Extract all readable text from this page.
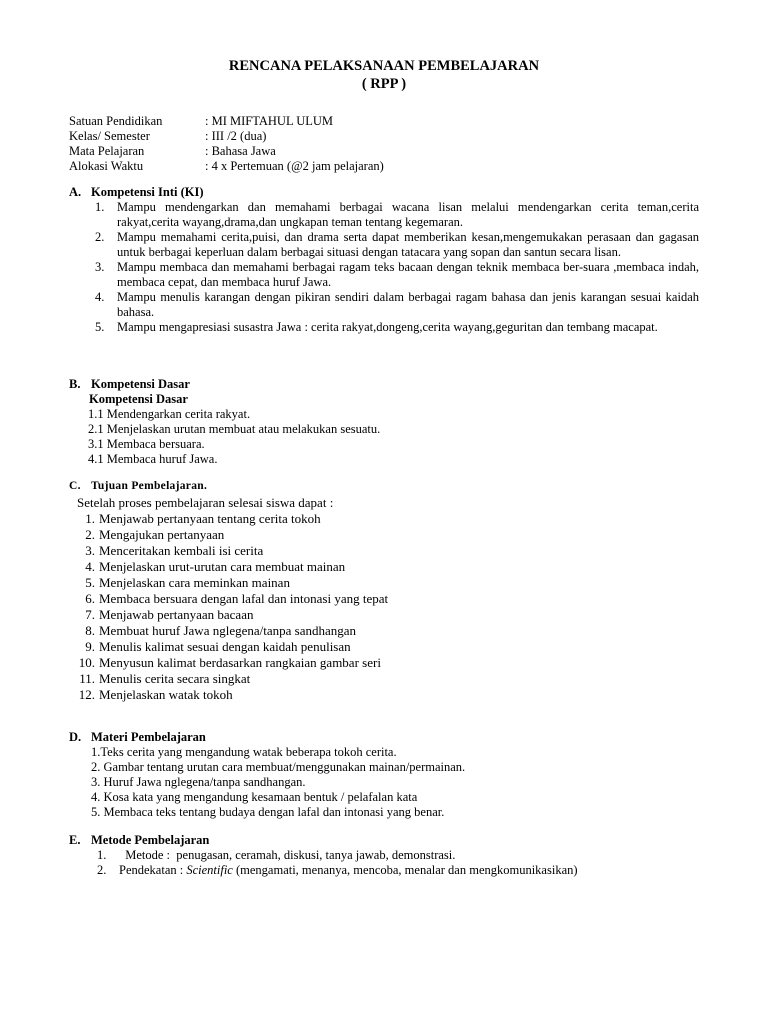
RENCANA PELAKSANAAN PEMBELAJARAN
( RPP )
Satuan Pendidikan	: MI MIFTAHUL ULUM
Kelas/ Semester	: III /2 (dua)
Mata Pelajaran	: Bahasa Jawa
Alokasi Waktu	: 4 x Pertemuan (@2 jam pelajaran)
A. Kompetensi Inti (KI)
1.	Mampu mendengarkan dan memahami berbagai wacana lisan melalui mendengarkan cerita teman,cerita rakyat,cerita wayang,drama,dan ungkapan teman tentang kegemaran.
2.	Mampu memahami cerita,puisi, dan drama serta dapat memberikan kesan,mengemukakan perasaan dan gagasan untuk berbagai keperluan dalam berbagai situasi dengan tatacara yang sopan dan santun secara lisan.
3.	Mampu membaca dan memahami berbagai ragam teks bacaan dengan teknik membaca ber-suara ,membaca indah, membaca cepat, dan membaca huruf Jawa.
4.	Mampu menulis karangan dengan pikiran sendiri dalam berbagai ragam bahasa dan jenis karangan sesuai kaidah bahasa.
5.	Mampu mengapresiasi susastra Jawa : cerita rakyat,dongeng,cerita wayang,geguritan dan tembang macapat.
B. Kompetensi Dasar
Kompetensi Dasar
1.1 Mendengarkan cerita rakyat.
2.1 Menjelaskan urutan membuat atau melakukan sesuatu.
3.1 Membaca bersuara.
4.1 Membaca huruf Jawa.
C. Tujuan Pembelajaran.
Setelah proses pembelajaran selesai siswa dapat :
1. Menjawab pertanyaan tentang cerita tokoh
2. Mengajukan pertanyaan
3. Menceritakan kembali isi cerita
4. Menjelaskan urut-urutan cara membuat mainan
5. Menjelaskan cara meminkan mainan
6. Membaca bersuara dengan lafal dan intonasi yang tepat
7. Menjawab pertanyaan bacaan
8. Membuat huruf Jawa nglegena/tanpa sandhangan
9. Menulis kalimat sesuai dengan kaidah penulisan
10. Menyusun kalimat berdasarkan rangkaian gambar seri
11. Menulis cerita secara singkat
12. Menjelaskan watak tokoh
D. Materi Pembelajaran
1.Teks cerita yang mengandung watak beberapa tokoh cerita.
2. Gambar tentang urutan cara membuat/menggunakan mainan/permainan.
3. Huruf Jawa nglegena/tanpa sandhangan.
4. Kosa kata yang mengandung kesamaan bentuk / pelafalan kata
5. Membaca teks tentang budaya dengan lafal dan intonasi yang benar.
E. Metode Pembelajaran
1.	Metode :  penugasan, ceramah, diskusi, tanya jawab, demonstrasi.
2.	Pendekatan : Scientific (mengamati, menanya, mencoba, menalar dan mengkomunikasikan)
